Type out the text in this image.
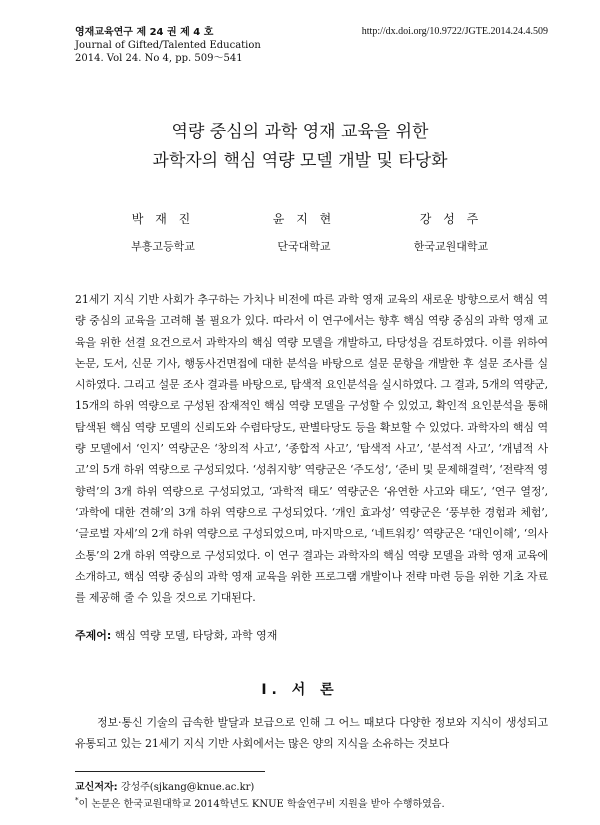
영재교육연구 제 24 권 제 4 호
Journal of Gifted/Talented Education
2014. Vol 24. No 4, pp. 509～541
http://dx.doi.org/10.9722/JGTE.2014.24.4.509
역량 중심의 과학 영재 교육을 위한
과학자의 핵심 역량 모델 개발 및 타당화
박 재 진
부흥고등학교
윤 지 현
단국대학교
강 성 주
한국교원대학교
21세기 지식 기반 사회가 추구하는 가치나 비전에 따른 과학 영재 교육의 새로운 방향으로서 핵심 역량 중심의 교육을 고려해 볼 필요가 있다. 따라서 이 연구에서는 향후 핵심 역량 중심의 과학 영재 교육을 위한 선결 요건으로서 과학자의 핵심 역량 모델을 개발하고, 타당성을 검토하였다. 이를 위하여 논문, 도서, 신문 기사, 행동사건면접에 대한 분석을 바탕으로 설문 문항을 개발한 후 설문 조사를 실시하였다. 그리고 설문 조사 결과를 바탕으로, 탐색적 요인분석을 실시하였다. 그 결과, 5개의 역량군, 15개의 하위 역량으로 구성된 잠재적인 핵심 역량 모델을 구성할 수 있었고, 확인적 요인분석을 통해 탐색된 핵심 역량 모델의 신뢰도와 수렴타당도, 판별타당도 등을 확보할 수 있었다. 과학자의 핵심 역량 모델에서 ‘인지’ 역량군은 ‘창의적 사고’, ‘종합적 사고’, ‘탐색적 사고’, ‘분석적 사고’, ‘개념적 사고’의 5개 하위 역량으로 구성되었다. ‘성취지향’ 역량군은 ‘주도성’, ‘준비 및 문제해결력’, ‘전략적 영향력’의 3개 하위 역량으로 구성되었고, ‘과학적 태도’ 역량군은 ‘유연한 사고와 태도’, ‘연구 열정’, ‘과학에 대한 견해’의 3개 하위 역량으로 구성되었다. ‘개인 효과성’ 역량군은 ‘풍부한 경험과 체험’, ‘글로벌 자세’의 2개 하위 역량으로 구성되었으며, 마지막으로, ‘네트워킹’ 역량군은 ‘대인이해’, ‘의사소통’의 2개 하위 역량으로 구성되었다. 이 연구 결과는 과학자의 핵심 역량 모델을 과학 영재 교육에 소개하고, 핵심 역량 중심의 과학 영재 교육을 위한 프로그램 개발이나 전략 마련 등을 위한 기초 자료를 제공해 줄 수 있을 것으로 기대된다.
주제어: 핵심 역량 모델, 타당화, 과학 영재
I. 서 론
정보·통신 기술의 급속한 발달과 보급으로 인해 그 어느 때보다 다양한 정보와 지식이 생성되고 유통되고 있는 21세기 지식 기반 사회에서는 많은 양의 지식을 소유하는 것보다
교신저자: 강성주(sjkang@knue.ac.kr)
*이 논문은 한국교원대학교 2014학년도 KNUE 학술연구비 지원을 받아 수행하였음.
